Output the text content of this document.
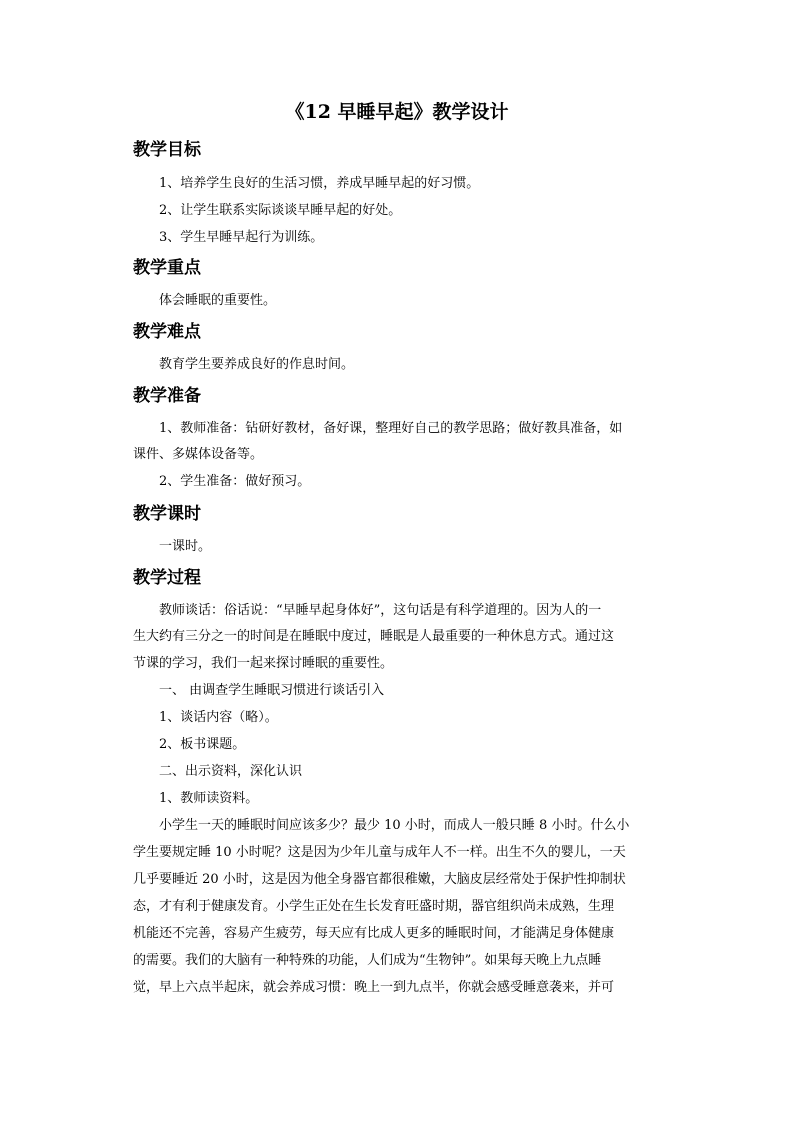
《12 早睡早起》教学设计
教学目标
1、培养学生良好的生活习惯，养成早睡早起的好习惯。
2、让学生联系实际谈谈早睡早起的好处。
3、学生早睡早起行为训练。
教学重点
体会睡眠的重要性。
教学难点
教育学生要养成良好的作息时间。
教学准备
1、教师准备：钻研好教材，备好课，整理好自己的教学思路；做好教具准备，如
课件、多媒体设备等。
2、学生准备：做好预习。
教学课时
一课时。
教学过程
教师谈话：俗话说：“早睡早起身体好”，这句话是有科学道理的。因为人的一
生大约有三分之一的时间是在睡眠中度过，睡眠是人最重要的一种休息方式。通过这
节课的学习，我们一起来探讨睡眠的重要性。
一、 由调查学生睡眠习惯进行谈话引入
1、谈话内容（略）。
2、板书课题。
二、出示资料，深化认识
1、教师读资料。
小学生一天的睡眠时间应该多少？最少 10 小时，而成人一般只睡 8 小时。什么小
学生要规定睡 10 小时呢？这是因为少年儿童与成年人不一样。出生不久的婴儿，一天
几乎要睡近 20 小时，这是因为他全身器官都很稚嫩，大脑皮层经常处于保护性抑制状
态，才有利于健康发育。小学生正处在生长发育旺盛时期，器官组织尚未成熟，生理
机能还不完善，容易产生疲劳，每天应有比成人更多的睡眠时间，才能满足身体健康
的需要。我们的大脑有一种特殊的功能，人们成为“生物钟”。如果每天晚上九点睡
觉，早上六点半起床，就会养成习惯：晚上一到九点半，你就会感受睡意袭来，并可
